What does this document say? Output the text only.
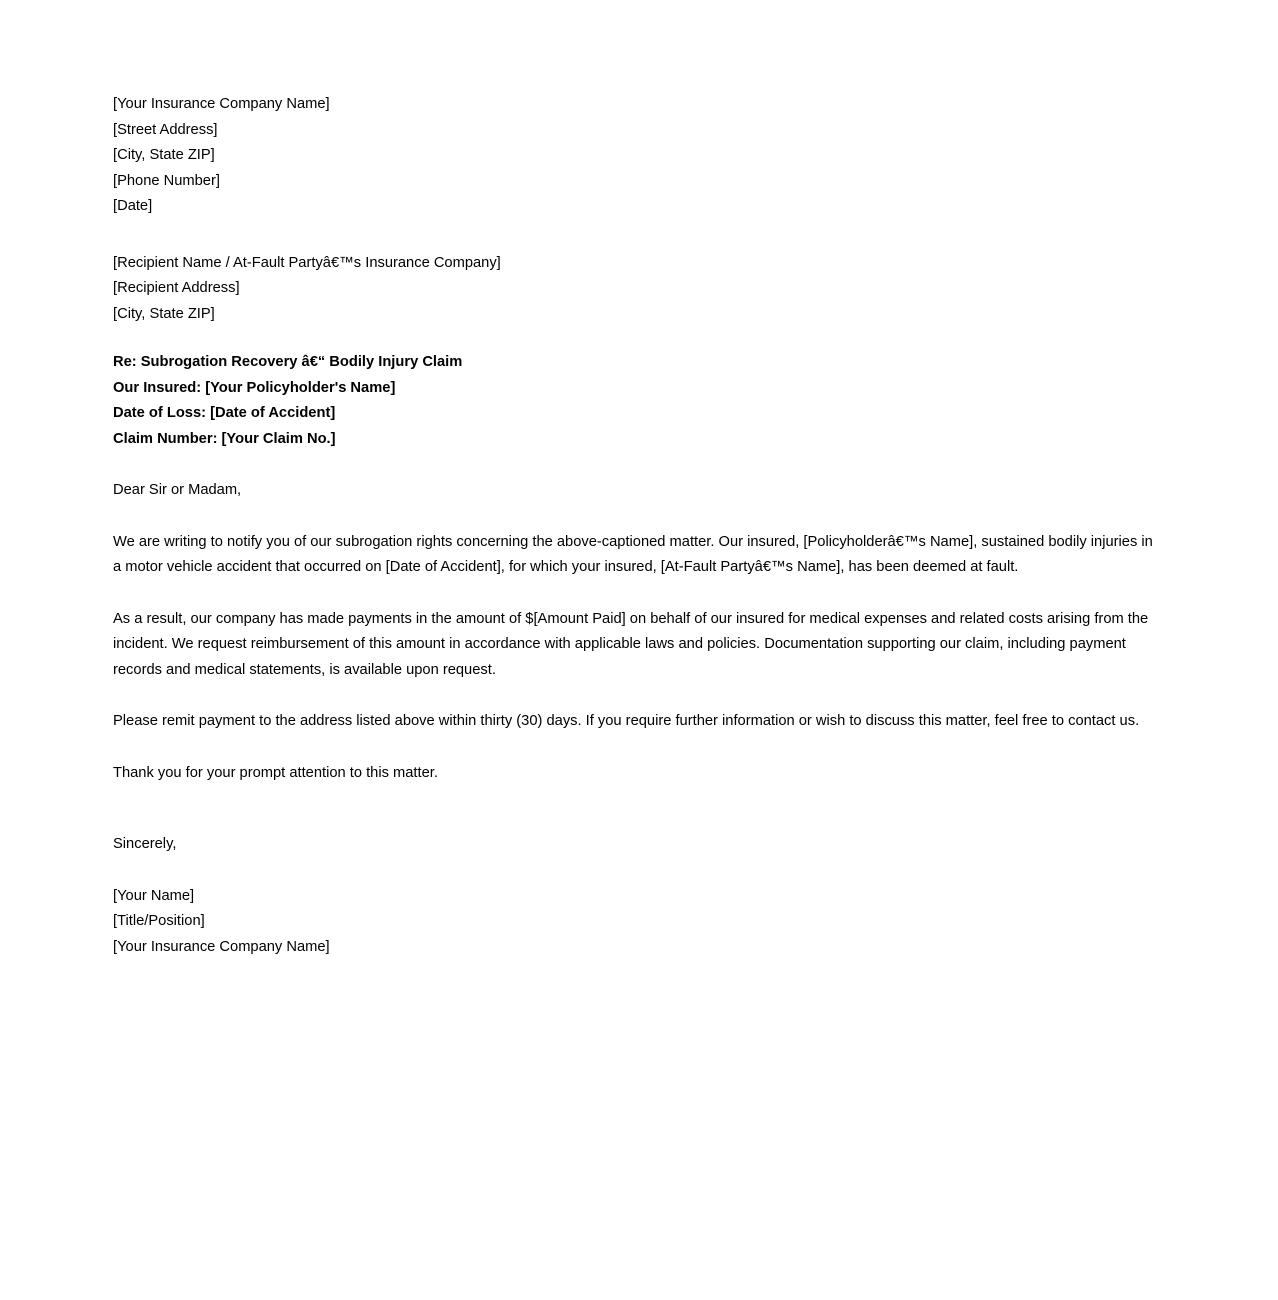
[Your Insurance Company Name]
[Street Address]
[City, State ZIP]
[Phone Number]
[Date]
[Recipient Name / At-Fault Partyâ€™s Insurance Company]
[Recipient Address]
[City, State ZIP]
Re: Subrogation Recovery â€“ Bodily Injury Claim
Our Insured: [Your Policyholder's Name]
Date of Loss: [Date of Accident]
Claim Number: [Your Claim No.]
Dear Sir or Madam,
We are writing to notify you of our subrogation rights concerning the above-captioned matter. Our insured, [Policyholderâ€™s Name], sustained bodily injuries in a motor vehicle accident that occurred on [Date of Accident], for which your insured, [At-Fault Partyâ€™s Name], has been deemed at fault.
As a result, our company has made payments in the amount of $[Amount Paid] on behalf of our insured for medical expenses and related costs arising from the incident. We request reimbursement of this amount in accordance with applicable laws and policies. Documentation supporting our claim, including payment records and medical statements, is available upon request.
Please remit payment to the address listed above within thirty (30) days. If you require further information or wish to discuss this matter, feel free to contact us.
Thank you for your prompt attention to this matter.
Sincerely,
[Your Name]
[Title/Position]
[Your Insurance Company Name]
